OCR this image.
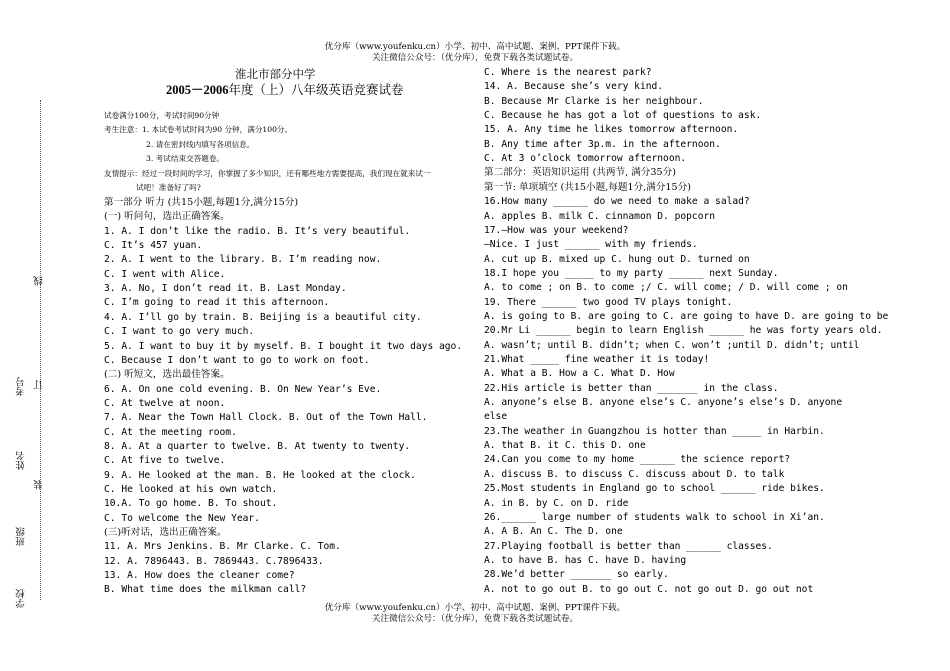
优分库（www.youfenku.cn）小学、初中、高中试题、案例、PPT课件下载。
关注微信公众号：（优分库），免费下载各类试题试卷。
优分库（www.youfenku.cn）小学、初中、高中试题、案例、PPT课件下载。
关注微信公众号：（优分库），免费下载各类试题试卷。
学校
班级
姓名
考号
装
订
线
淮北市部分中学
2005－2006年度（上）八年级英语竞赛试卷
试卷满分100分，考试时间90分钟
考生注意：1. 本试卷考试时间为90 分钟，满分100分。
2. 请在密封线内填写各项信息。
3. 考试结束交答题卷。
友情提示：经过一段时间的学习，你掌握了多少知识，还有哪些地方需要提高，我们现在就来试一
试吧！准备好了吗?
第一部分 听力 (共15小题,每题1分,满分15分)
(一) 听问句，选出正确答案。
1. A. I don’t like the radio. B. It’s very beautiful.
C. It’s 457 yuan.
2. A. I went to the library. B. I’m reading now.
C. I went with Alice.
3. A. No, I don’t read it. B. Last Monday.
C. I’m going to read it this afternoon.
4. A. I’ll go by train. B. Beijing is a beautiful city.
C. I want to go very much.
5. A. I want to buy it by myself. B. I bought it two days ago.
C. Because I don’t want to go to work on foot.
(二) 听短文，选出最佳答案。
6. A. On one cold evening. B. On New Year’s Eve.
C. At twelve at noon.
7. A. Near the Town Hall Clock. B. Out of the Town Hall.
C. At the meeting room.
8. A. At a quarter to twelve. B. At twenty to twenty.
C. At five to twelve.
9. A. He looked at the man. B. He looked at the clock.
C. He looked at his own watch.
10.A. To go home. B. To shout.
C. To welcome the New Year.
(三)听对话，选出正确答案。
11. A. Mrs Jenkins. B. Mr Clarke. C. Tom.
12. A. 7896443. B. 7869443. C.7896433.
13. A. How does the cleaner come?
B. What time does the milkman call?
C. Where is the nearest park?
14. A. Because she’s very kind.
B. Because Mr Clarke is her neighbour.
C. Because he has got a lot of questions to ask.
15. A. Any time he likes tomorrow afternoon.
B. Any time after 3p.m. in the afternoon.
C. At 3 o’clock tomorrow afternoon.
第二部分：英语知识运用 (共两节, 满分35分)
第一节: 单项填空 (共15小题,每题1分,满分15分)
16.How many ______ do we need to make a salad?
A. apples B. milk C. cinnamon D. popcorn
17.—How was your weekend?
—Nice. I just ______ with my friends.
A. cut up B. mixed up C. hung out D. turned on
18.I hope you _____ to my party ______ next Sunday.
A. to come ; on B. to come ;/ C. will come; / D. will come ; on
19. There ______ two good TV plays tonight.
A. is going to B. are going to C. are going to have D. are going to be
20.Mr Li ______ begin to learn English ______ he was forty years old.
A. wasn’t; until B. didn’t; when C. won’t ;until D. didn’t; until
21.What _____ fine weather it is today!
A. What a B. How a C. What D. How
22.His article is better than _______ in the class.
A. anyone’s else B. anyone else’s C. anyone’s else’s D. anyone
else
23.The weather in Guangzhou is hotter than _____ in Harbin.
A. that B. it C. this D. one
24.Can you come to my home ______ the science report?
A. discuss B. to discuss C. discuss about D. to talk
25.Most students in England go to school ______ ride bikes.
A. in B. by C. on D. ride
26.______ large number of students walk to school in Xi’an.
A. A B. An C. The D. one
27.Playing football is better than ______ classes.
A. to have B. has C. have D. having
28.We’d better _______ so early.
A. not to go out B. to go out C. not go out D. go out not
